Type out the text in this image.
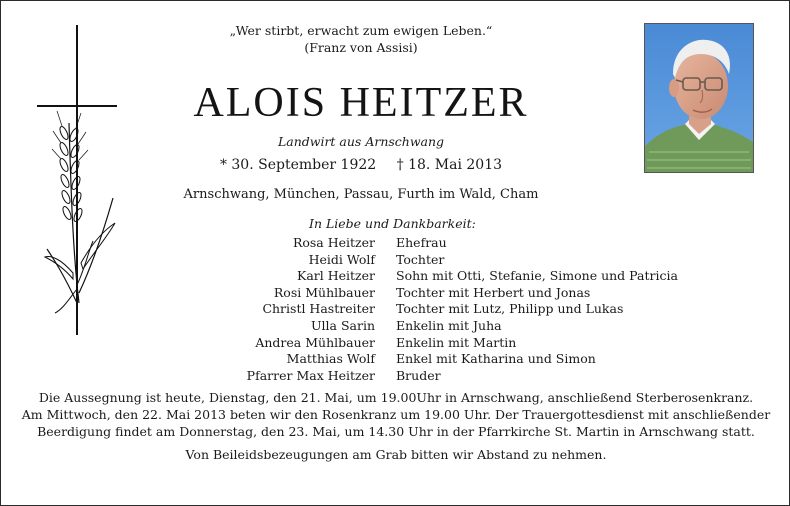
„Wer stirbt, erwacht zum ewigen Leben.“
(Franz von Assisi)
ALOIS HEITZER
Landwirt aus Arnschwang
* 30. September 1922 † 18. Mai 2013
Arnschwang, München, Passau, Furth im Wald, Cham
In Liebe und Dankbarkeit:
Rosa Heitzer Ehefrau
Heidi Wolf Tochter
Karl Heitzer Sohn mit Otti, Stefanie, Simone und Patricia
Rosi Mühlbauer Tochter mit Herbert und Jonas
Christl Hastreiter Tochter mit Lutz, Philipp und Lukas
Ulla Sarin Enkelin mit Juha
Andrea Mühlbauer Enkelin mit Martin
Matthias Wolf Enkel mit Katharina und Simon
Pfarrer Max Heitzer Bruder
Die Aussegnung ist heute, Dienstag, den 21. Mai, um 19.00Uhr in Arnschwang, anschließend Sterberosenkranz.
Am Mittwoch, den 22. Mai 2013 beten wir den Rosenkranz um 19.00 Uhr. Der Trauergottesdienst mit anschließender
Beerdigung findet am Donnerstag, den 23. Mai, um 14.30 Uhr in der Pfarrkirche St. Martin in Arnschwang statt.
Von Beileidsbezeugungen am Grab bitten wir Abstand zu nehmen.
